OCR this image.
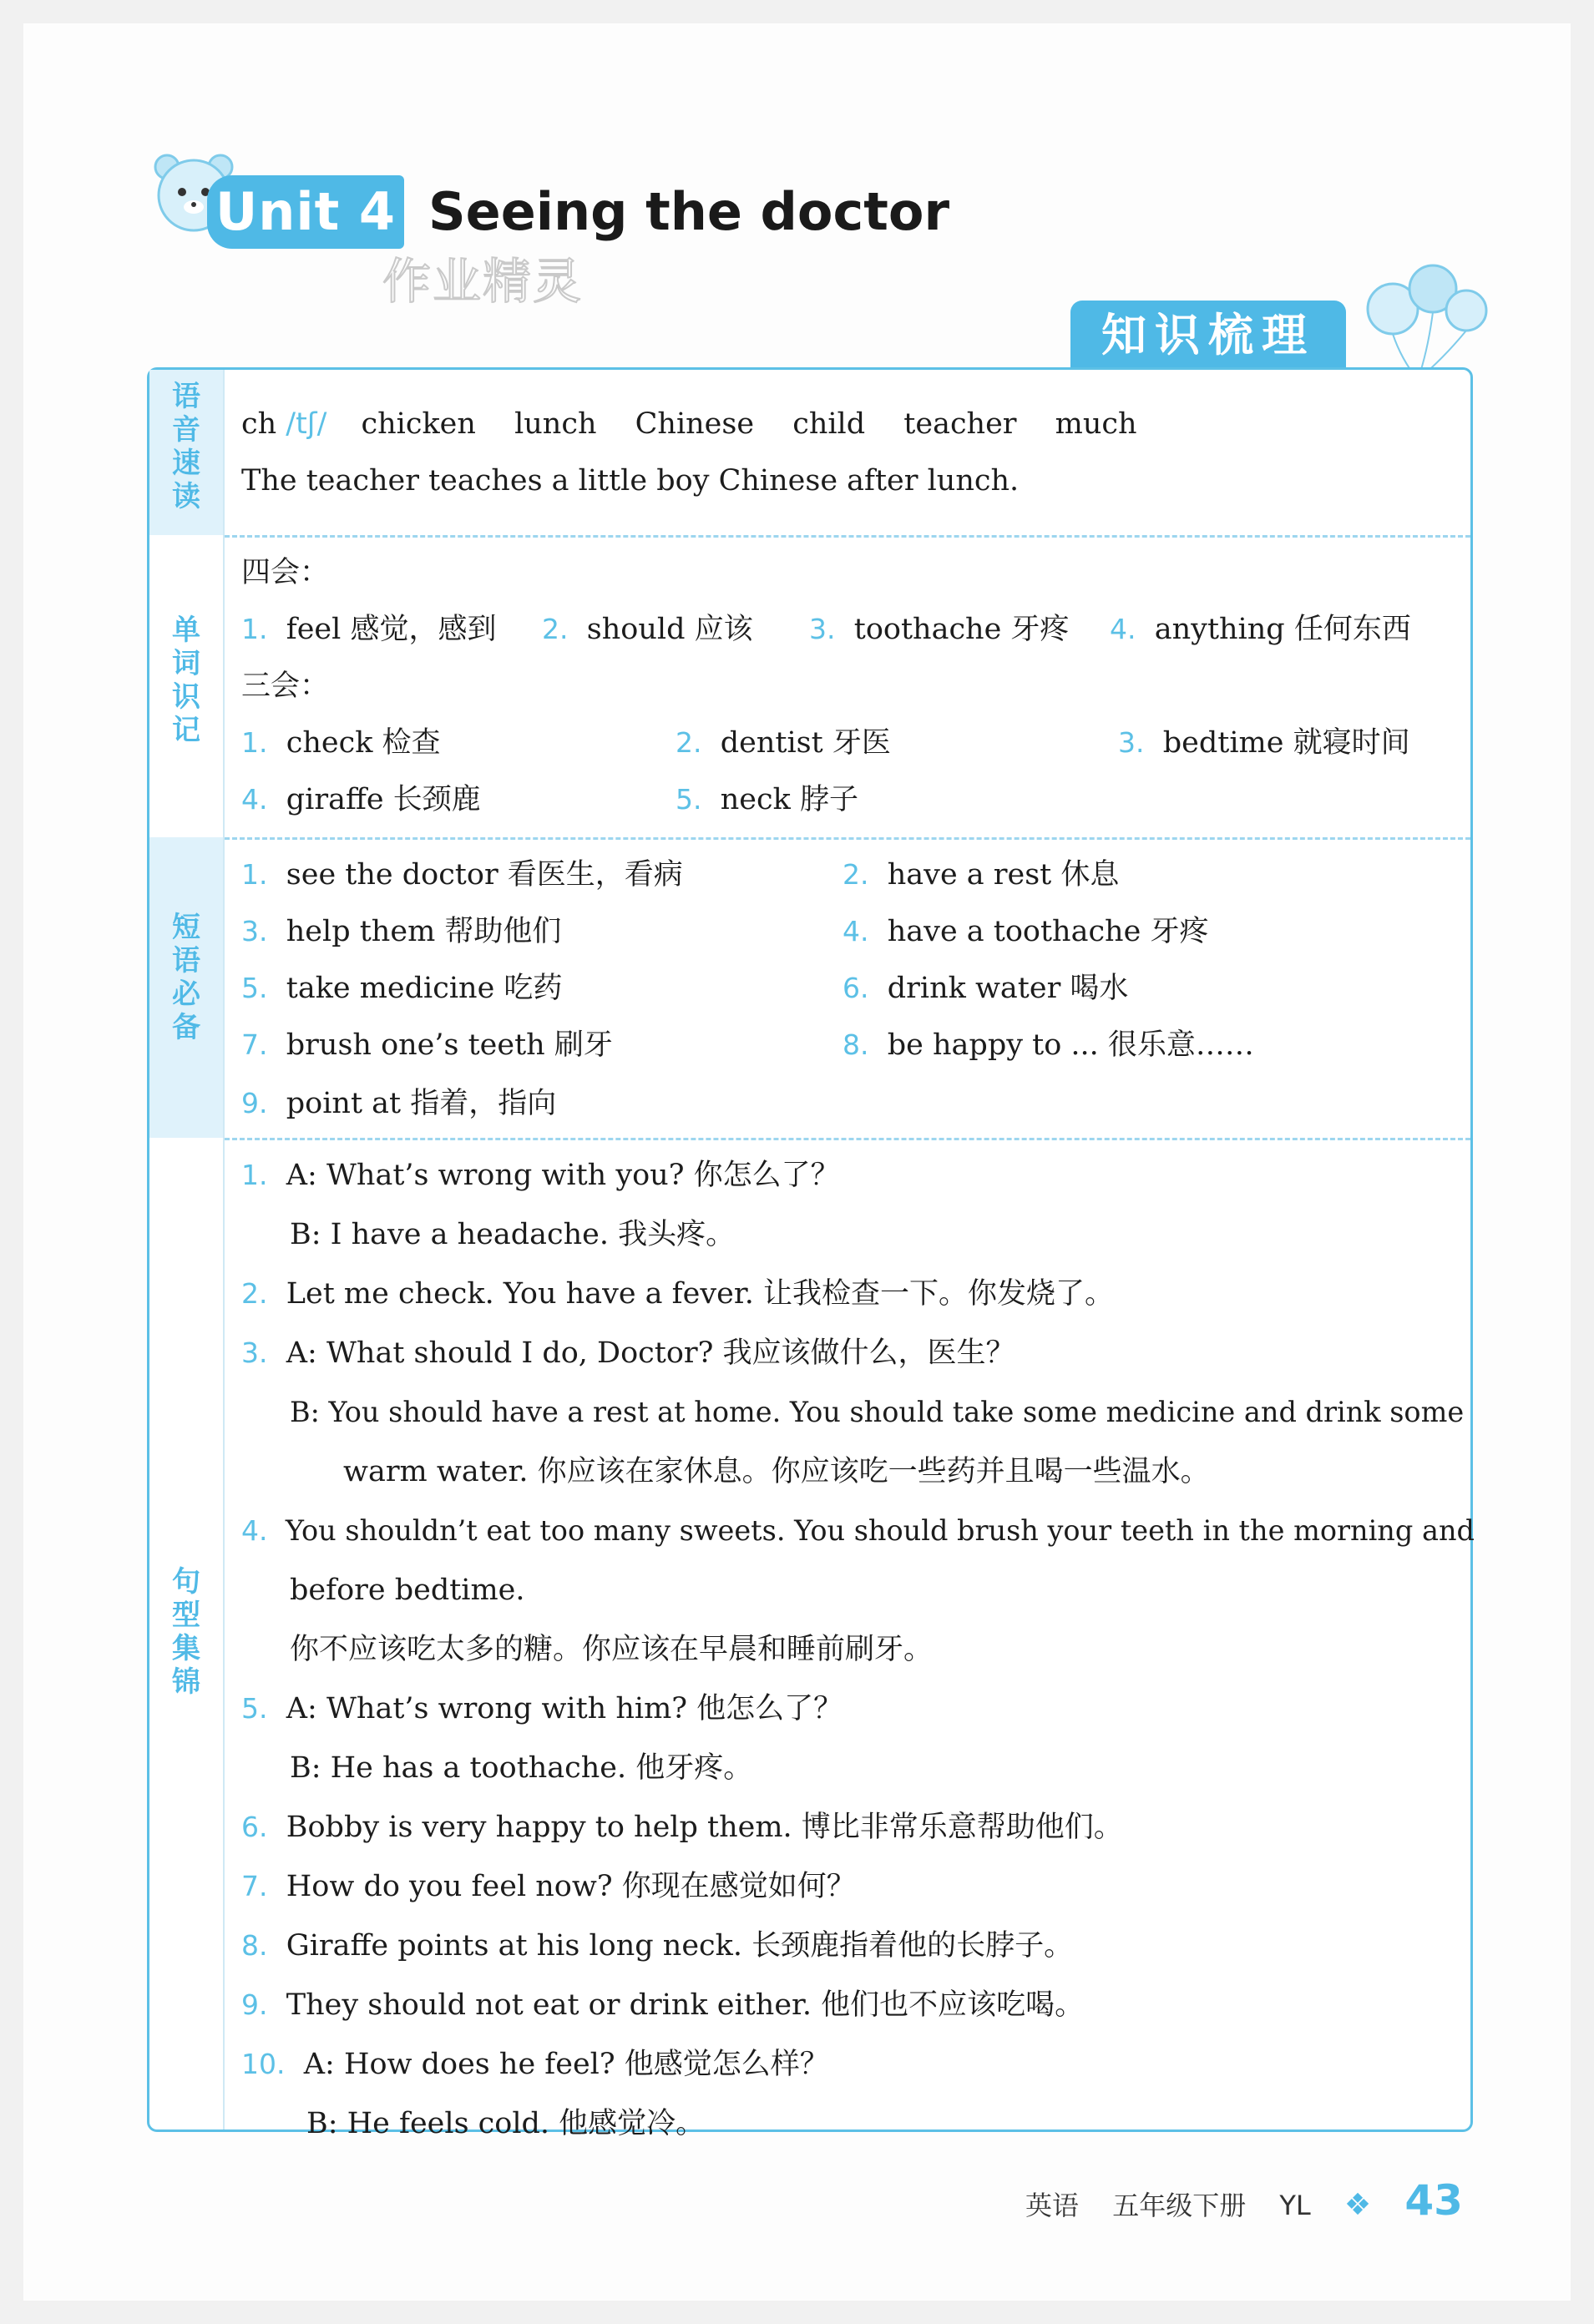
Unit 4 Seeing the doctor
作业精灵
知识梳理
语音速读
单词识记
短语必备
句型集锦
ch /tʃ/ chicken lunch Chinese child teacher much
The teacher teaches a little boy Chinese after lunch.
四会：
1. feel 感觉，感到 2. should 应该 3. toothache 牙疼 4. anything 任何东西
三会：
1. check 检查	2. dentist 牙医	3. bedtime 就寝时间
4. giraffe 长颈鹿	5. neck 脖子
1. see the doctor 看医生，看病	2. have a rest 休息
3. help them 帮助他们	4. have a toothache 牙疼
5. take medicine 吃药	6. drink water 喝水
7. brush one’s teeth 刷牙	8. be happy to ... 很乐意……
9. point at 指着，指向
1. A: What’s wrong with you? 你怎么了？
B: I have a headache. 我头疼。
2. Let me check. You have a fever. 让我检查一下。你发烧了。
3. A: What should I do, Doctor? 我应该做什么，医生？
B: You should have a rest at home. You should take some medicine and drink some
warm water. 你应该在家休息。你应该吃一些药并且喝一些温水。
4. You shouldn’t eat too many sweets. You should brush your teeth in the morning and
before bedtime.
你不应该吃太多的糖。你应该在早晨和睡前刷牙。
5. A: What’s wrong with him? 他怎么了？
B: He has a toothache. 他牙疼。
6. Bobby is very happy to help them. 博比非常乐意帮助他们。
7. How do you feel now? 你现在感觉如何？
8. Giraffe points at his long neck. 长颈鹿指着他的长脖子。
9. They should not eat or drink either. 他们也不应该吃喝。
10. A: How does he feel? 他感觉怎么样？
B: He feels cold. 他感觉冷。
英语 五年级下册 YL ❖ 43
